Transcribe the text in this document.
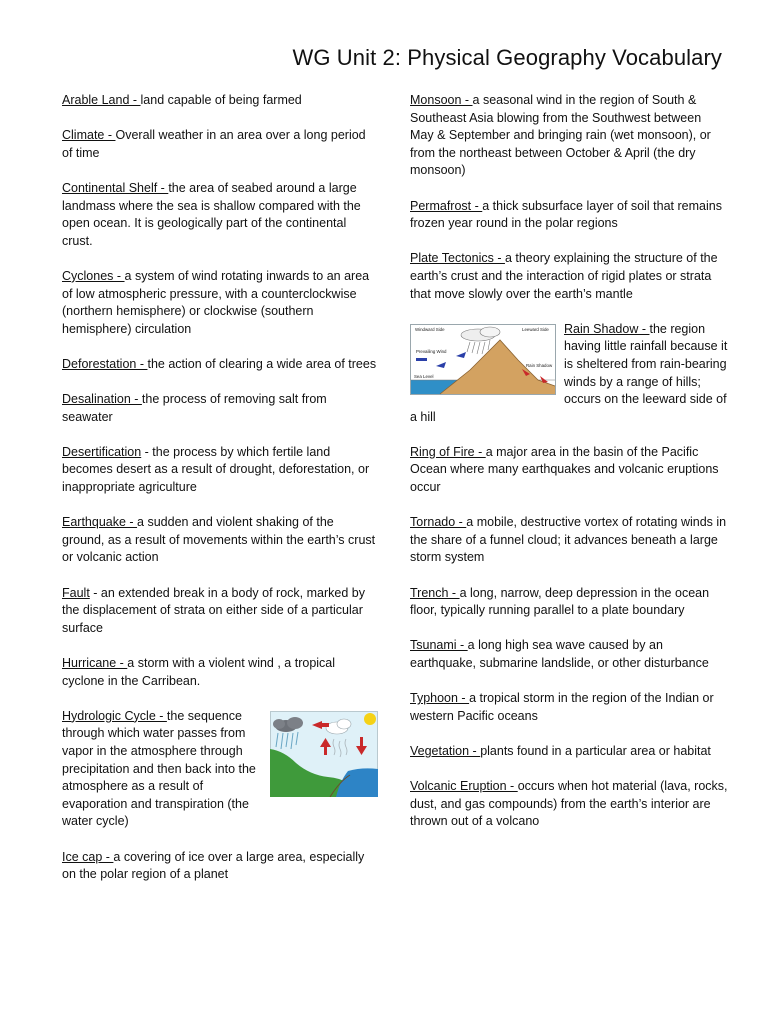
WG Unit 2: Physical Geography Vocabulary

Arable Land - land capable of being farmed

Climate - Overall weather in an area over a long period of time

Continental Shelf - the area of seabed around a large landmass where the sea is shallow compared with the open ocean. It is geologically part of the continental crust.

Cyclones - a system of wind rotating inwards to an area of low atmospheric pressure, with a counterclockwise (northern hemisphere) or clockwise (southern hemisphere) circulation

Deforestation - the action of clearing a wide area of trees

Desalination - the process of removing salt from seawater

Desertification - the process by which fertile land becomes desert as a result of drought, deforestation, or inappropriate agriculture

Earthquake - a sudden and violent shaking of the ground, as a result of movements within the earth’s crust or volcanic action

Fault - an extended break in a body of rock, marked by the displacement of strata on either side of a particular surface

Hurricane - a storm with a violent wind , a tropical cyclone in the Carribean.

Hydrologic Cycle - the sequence through which water passes from vapor in the atmosphere through precipitation and then back into the atmosphere as a result of evaporation and transpiration (the water cycle)

Ice cap - a covering of ice over a large area, especially on the polar region of a planet

Monsoon - a seasonal wind in the region of South & Southeast Asia blowing from the Southwest between May & September and bringing rain (wet monsoon), or from the northeast between October & April (the dry monsoon)

Permafrost - a thick subsurface layer of soil that remains frozen year round in the polar regions

Plate Tectonics - a theory explaining the structure of the earth’s crust and the interaction of rigid plates or strata that move slowly over the earth’s mantle

Windward Side	Leeward Side
Prevailing Wind
Sea Level
Rain Shadow
Rain Shadow - the region having little rainfall because it is sheltered from rain-bearing winds by a range of hills; occurs on the leeward side of a hill

Ring of Fire - a major area in the basin of the Pacific Ocean where many earthquakes and volcanic eruptions occur

Tornado - a mobile, destructive vortex of rotating winds in the share of a funnel cloud; it advances beneath a large storm system

Trench - a long, narrow, deep depression in the ocean floor, typically running parallel to a plate boundary

Tsunami - a long high sea wave caused by an earthquake, submarine landslide, or other disturbance

Typhoon - a tropical storm in the region of the Indian or western Pacific oceans

Vegetation - plants found in a particular area or habitat

Volcanic Eruption - occurs when hot material (lava, rocks, dust, and gas compounds) from the earth’s interior are thrown out of a volcano
